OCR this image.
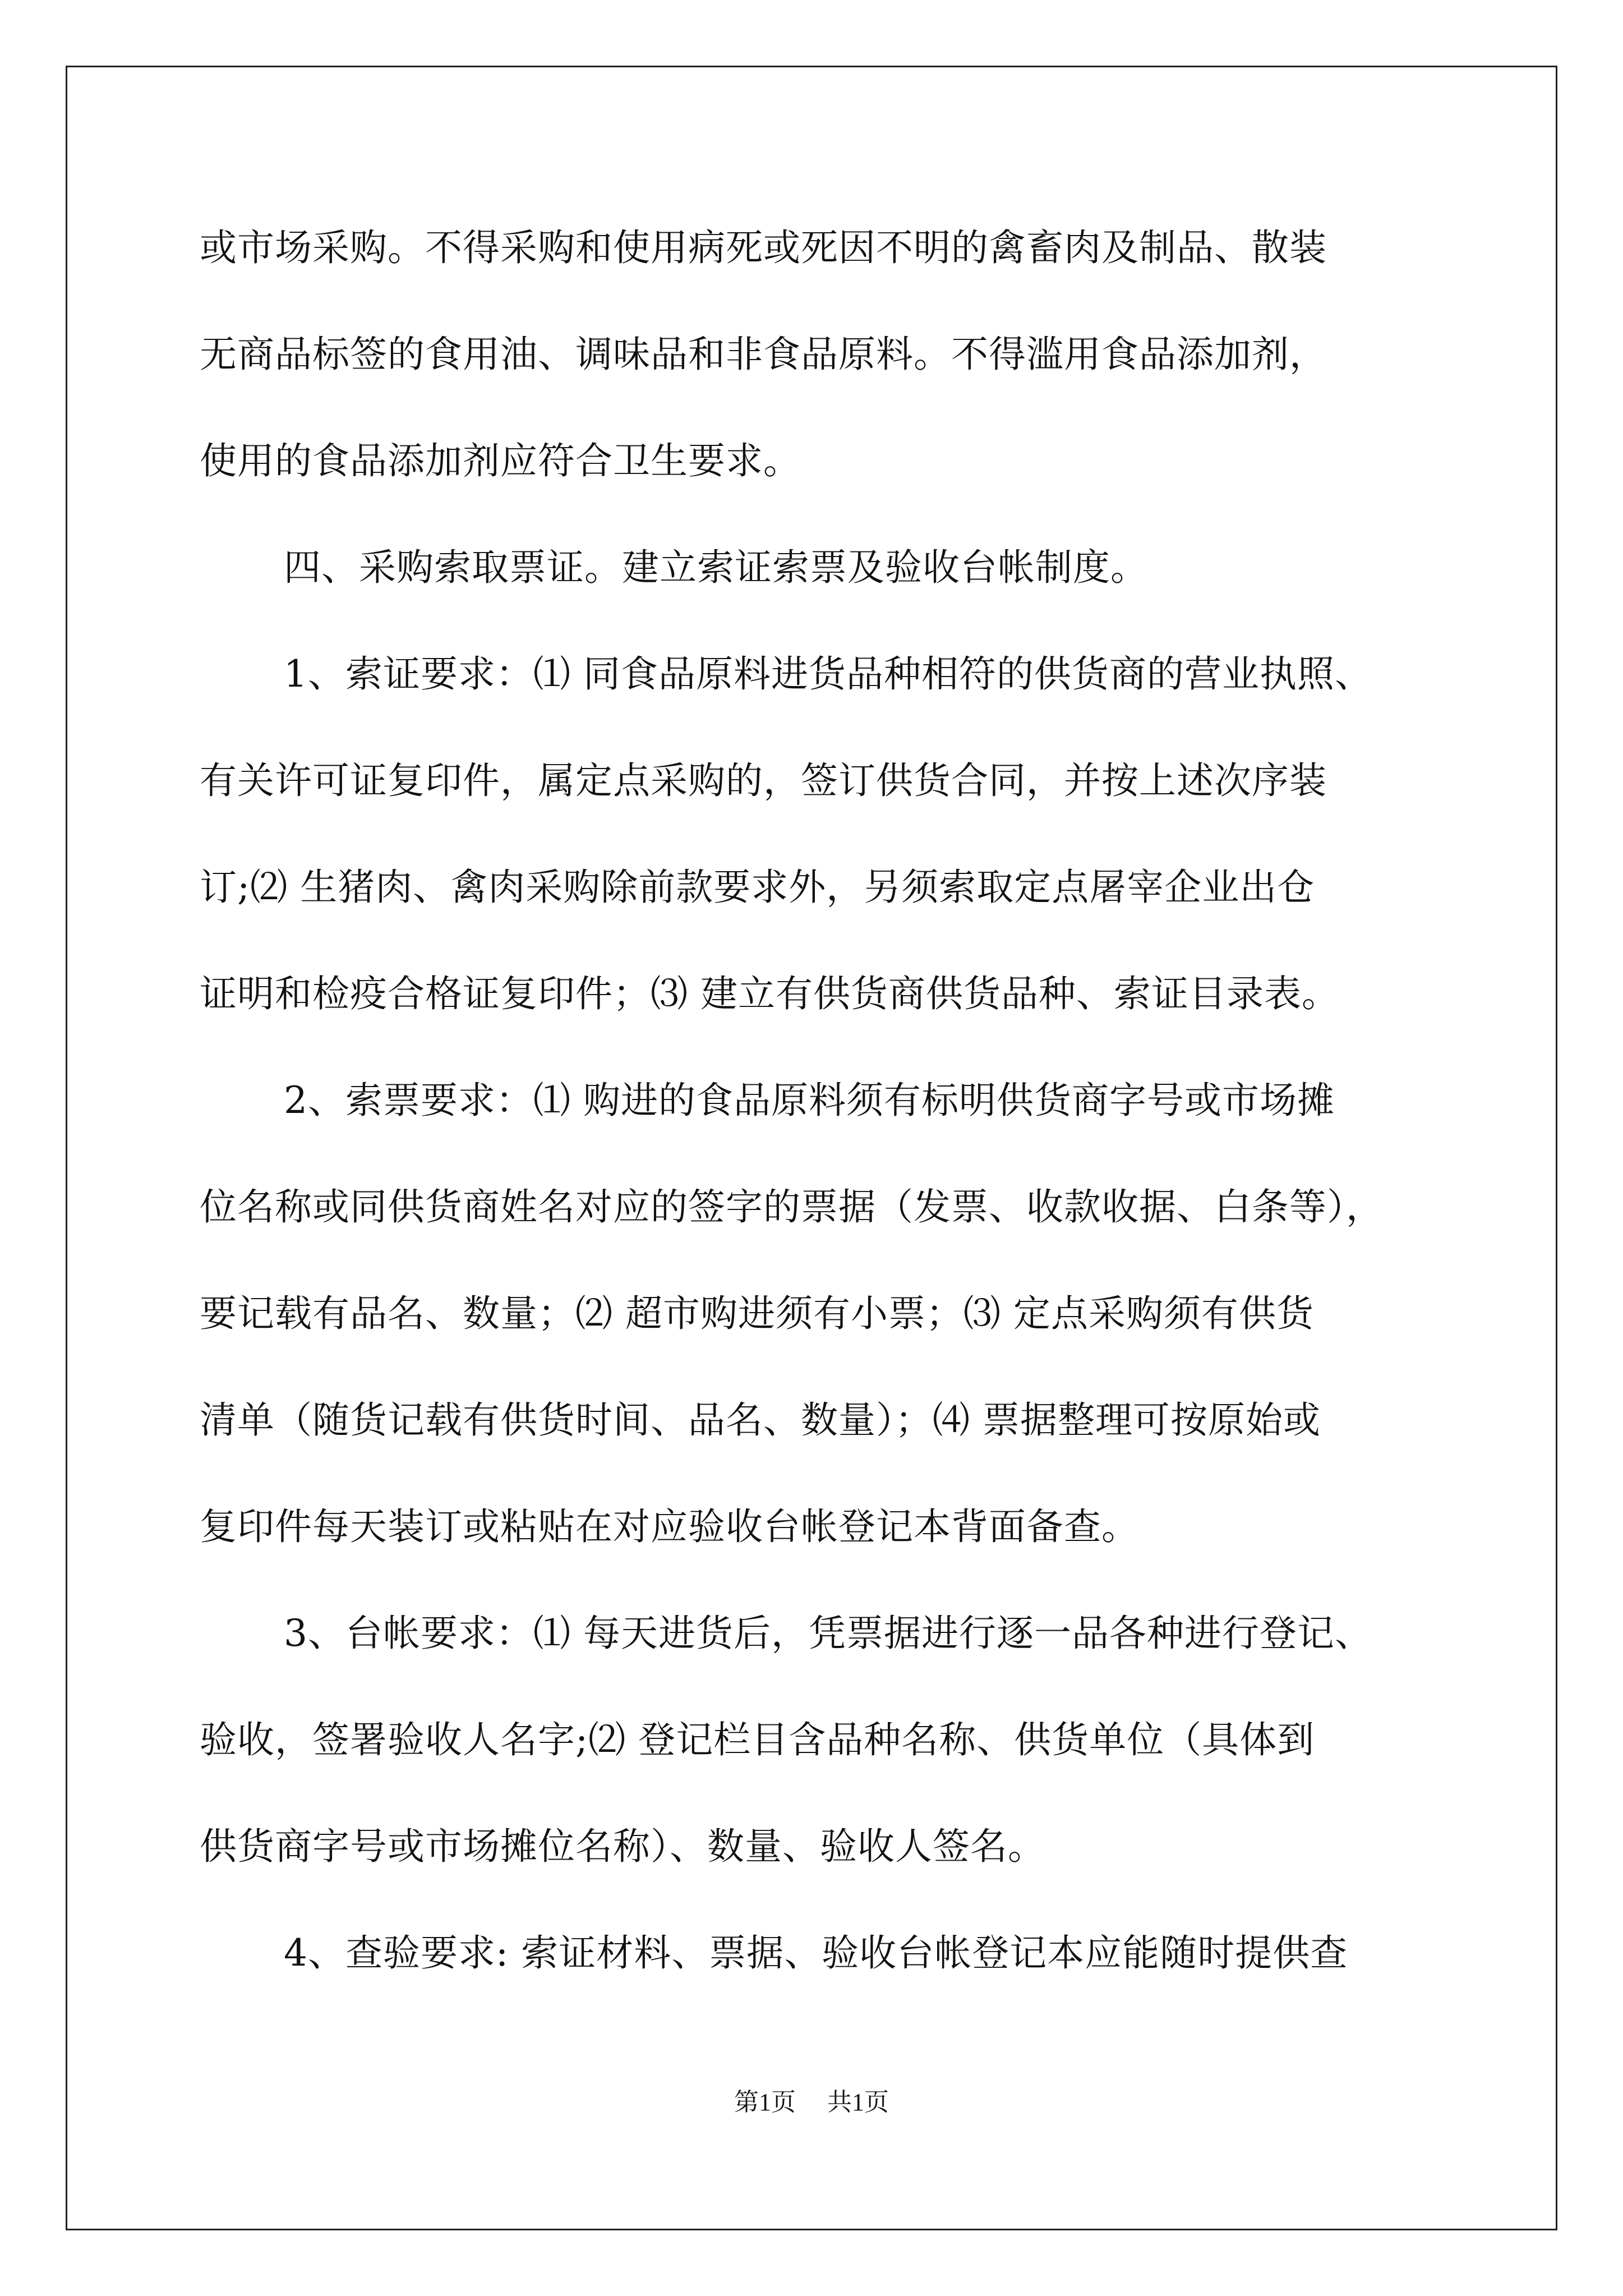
或市场采购。不得采购和使用病死或死因不明的禽畜肉及制品、散装
无商品标签的食用油、调味品和非食品原料。不得滥用食品添加剂，
使用的食品添加剂应符合卫生要求。
四、采购索取票证。建立索证索票及验收台帐制度。
1、索证要求：⑴ 同食品原料进货品种相符的供货商的营业执照、
有关许可证复印件，属定点采购的，签订供货合同，并按上述次序装
订;⑵ 生猪肉、禽肉采购除前款要求外，另须索取定点屠宰企业出仓
证明和检疫合格证复印件；⑶ 建立有供货商供货品种、索证目录表。
2、索票要求：⑴ 购进的食品原料须有标明供货商字号或市场摊
位名称或同供货商姓名对应的签字的票据（发票、收款收据、白条等），
要记载有品名、数量；⑵ 超市购进须有小票；⑶ 定点采购须有供货
清单（随货记载有供货时间、品名、数量）；⑷ 票据整理可按原始或
复印件每天装订或粘贴在对应验收台帐登记本背面备查。
3、台帐要求：⑴ 每天进货后，凭票据进行逐一品各种进行登记、
验收，签署验收人名字;⑵ 登记栏目含品种名称、供货单位（具体到
供货商字号或市场摊位名称）、数量、验收人签名。
4、查验要求: 索证材料、票据、验收台帐登记本应能随时提供查
第1页 共1页
